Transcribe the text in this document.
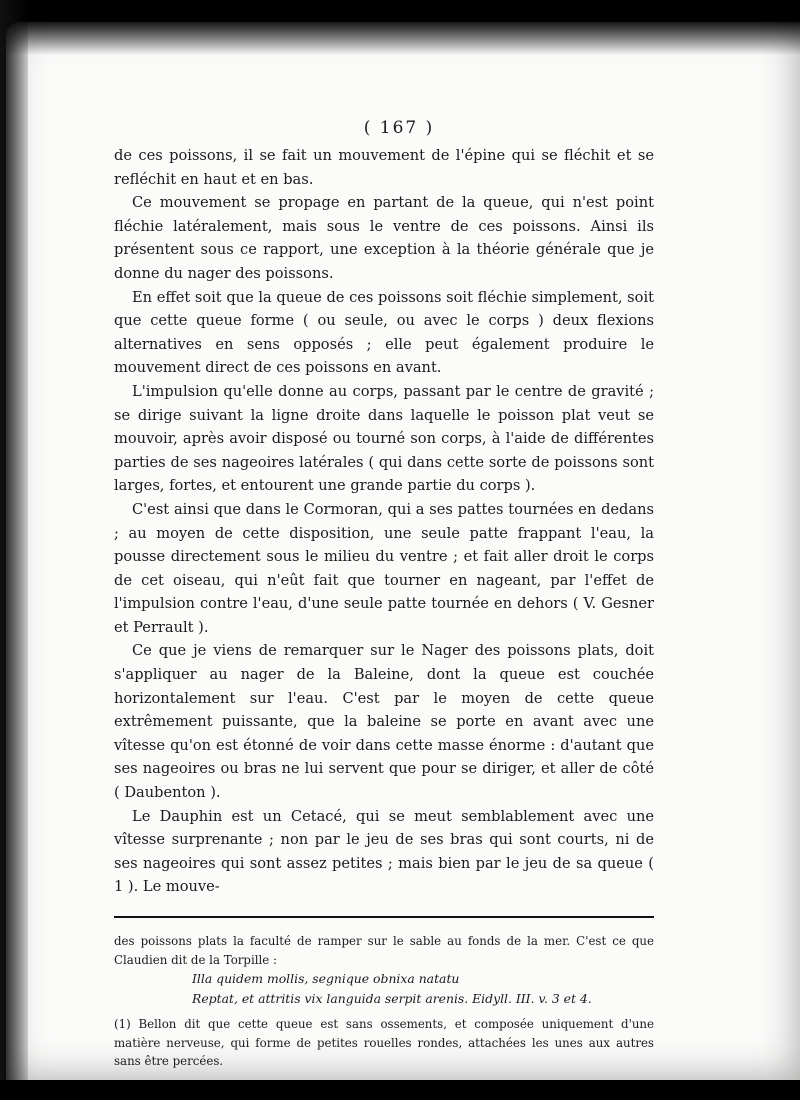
( 167 )

de ces poissons, il se fait un mouvement de l'épine qui se fléchit et se refléchit en haut et en bas.

Ce mouvement se propage en partant de la queue, qui n'est point fléchie latéralement, mais sous le ventre de ces poissons. Ainsi ils présentent sous ce rapport, une exception à la théorie générale que je donne du nager des poissons.

En effet soit que la queue de ces poissons soit fléchie simplement, soit que cette queue forme ( ou seule, ou avec le corps ) deux flexions alternatives en sens opposés ; elle peut également produire le mouvement direct de ces poissons en avant.

L'impulsion qu'elle donne au corps, passant par le centre de gravité ; se dirige suivant la ligne droite dans laquelle le poisson plat veut se mouvoir, après avoir disposé ou tourné son corps, à l'aide de différentes parties de ses nageoires latérales ( qui dans cette sorte de poissons sont larges, fortes, et entourent une grande partie du corps ).

C'est ainsi que dans le Cormoran, qui a ses pattes tournées en dedans ; au moyen de cette disposition, une seule patte frappant l'eau, la pousse directement sous le milieu du ventre ; et fait aller droit le corps de cet oiseau, qui n'eût fait que tourner en nageant, par l'effet de l'impulsion contre l'eau, d'une seule patte tournée en dehors ( V. Gesner et Perrault ).

Ce que je viens de remarquer sur le Nager des poissons plats, doit s'appliquer au nager de la Baleine, dont la queue est couchée horizontalement sur l'eau. C'est par le moyen de cette queue extrêmement puissante, que la baleine se porte en avant avec une vîtesse qu'on est étonné de voir dans cette masse énorme : d'autant que ses nageoires ou bras ne lui servent que pour se diriger, et aller de côté ( Daubenton ).

Le Dauphin est un Cetacé, qui se meut semblablement avec une vîtesse surprenante ; non par le jeu de ses bras qui sont courts, ni de ses nageoires qui sont assez petites ; mais bien par le jeu de sa queue ( 1 ). Le mouve-

des poissons plats la faculté de ramper sur le sable au fonds de la mer. C'est ce que Claudien dit de la Torpille :

Illa quidem mollis, segnique obnixa natatu
Reptat, et attritis vix languida serpit arenis. Eidyll. III. v. 3 et 4.

(1) Bellon dit que cette queue est sans ossements, et composée uniquement d'une matière nerveuse, qui forme de petites rouelles rondes, attachées les unes aux autres sans être percées.
